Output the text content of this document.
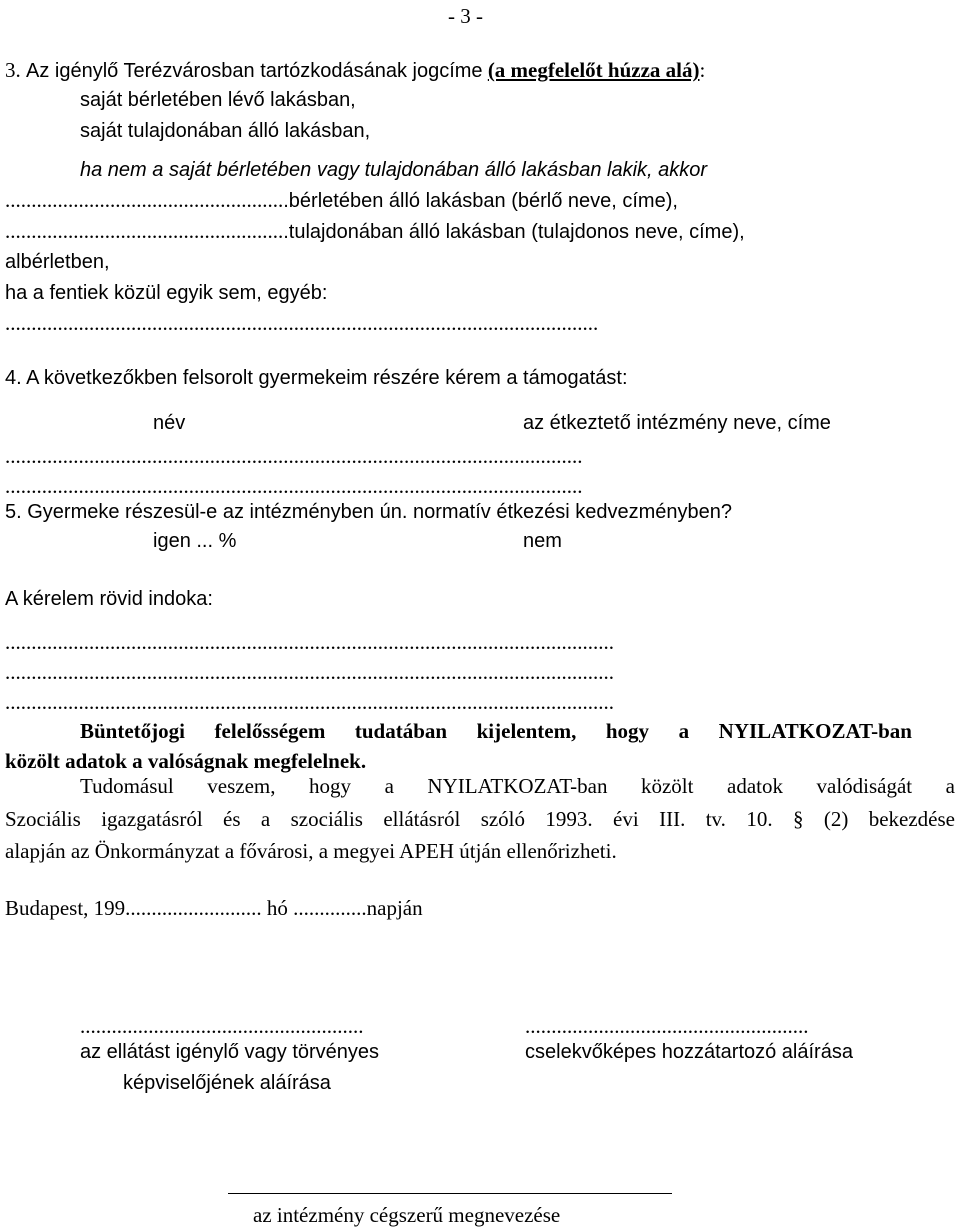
- 3 -
3. Az igénylő Terézvárosban tartózkodásának jogcíme (a megfelelőt húzza alá):
saját bérletében lévő lakásban,
saját tulajdonában álló lakásban,
ha nem a saját bérletében vagy tulajdonában álló lakásban lakik, akkor
......................................................bérletében álló lakásban (bérlő neve, címe),
......................................................tulajdonában álló lakásban (tulajdonos neve, címe),
albérletben,
ha a fentiek közül egyik sem, egyéb:
.................................................................................................................
4. A következőkben felsorolt gyermekeim részére kérem a támogatást:
név	az étkeztető intézmény neve, címe
..............................................................................................................
..............................................................................................................
5. Gyermeke részesül-e az intézményben ún. normatív étkezési kedvezményben?
igen ... %	nem
A kérelem rövid indoka:
....................................................................................................................
....................................................................................................................
....................................................................................................................
Büntetőjogi felelősségem tudatában kijelentem, hogy a NYILATKOZAT-ban
közölt adatok a valóságnak megfelelnek.
Tudomásul veszem, hogy a NYILATKOZAT-ban közölt adatok valódiságát a
Szociális igazgatásról és a szociális ellátásról szóló 1993. évi III. tv. 10. § (2) bekezdése
alapján az Önkormányzat a fővárosi, a megyei APEH útján ellenőrizheti.
Budapest, 199.......................... hó ..............napján
......................................................
az ellátást igénylő vagy törvényes
képviselőjének aláírása
......................................................
cselekvőképes hozzátartozó aláírása
az intézmény cégszerű megnevezése
